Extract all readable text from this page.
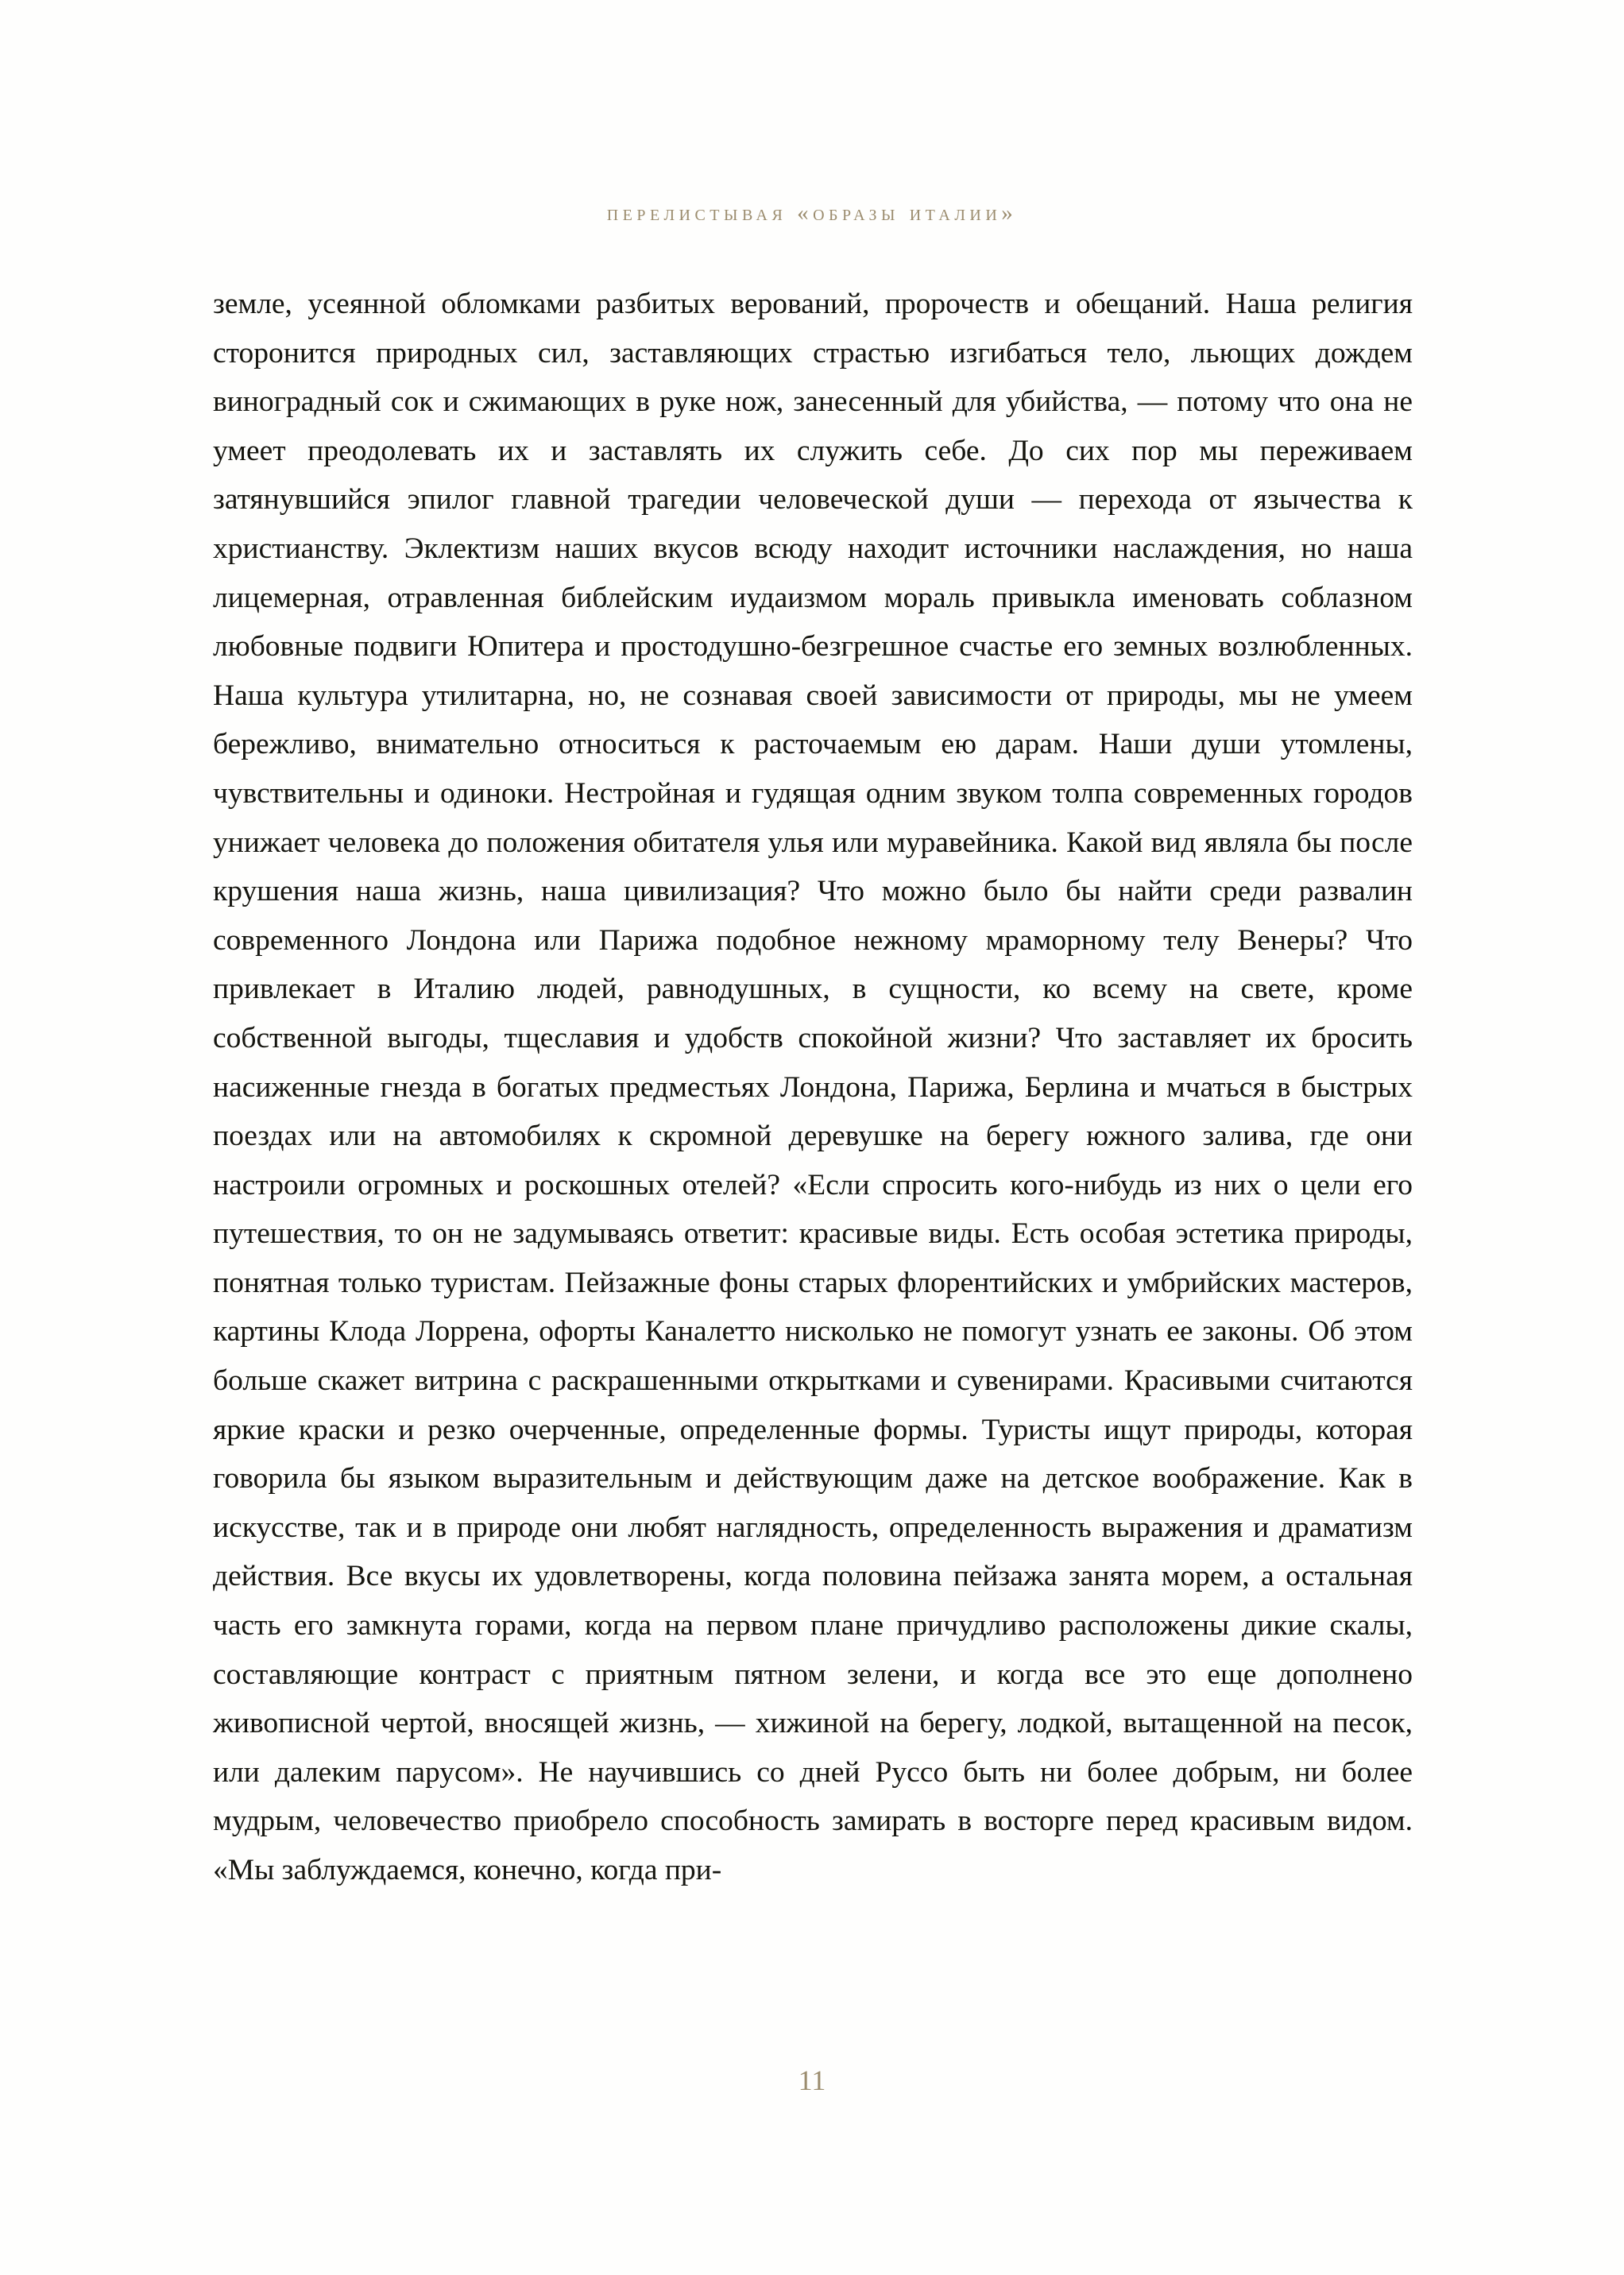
перелистывая «образы италии»

земле, усеянной обломками разбитых верований, пророчеств и обещаний. Наша религия сторонится природных сил, заставляющих страстью изгибаться тело, льющих дождем виноградный сок и сжимающих в руке нож, занесенный для убийства, — потому что она не умеет преодолевать их и заставлять их служить себе. До сих пор мы переживаем затянувшийся эпилог главной трагедии человеческой души — перехода от язычества к христианству. Эклектизм наших вкусов всюду находит источники наслаждения, но наша лицемерная, отравленная библейским иудаизмом мораль привыкла именовать соблазном любовные подвиги Юпитера и простодушно-безгрешное счастье его земных возлюбленных. Наша культура утилитарна, но, не сознавая своей зависимости от природы, мы не умеем бережливо, внимательно относиться к расточаемым ею дарам. Наши души утомлены, чувствительны и одиноки. Нестройная и гудящая одним звуком толпа современных городов унижает человека до положения обитателя улья или муравейника. Какой вид являла бы после крушения наша жизнь, наша цивилизация? Что можно было бы найти среди развалин современного Лондона или Парижа подобное нежному мраморному телу Венеры? Что привлекает в Италию людей, равнодушных, в сущности, ко всему на свете, кроме собственной выгоды, тщеславия и удобств спокойной жизни? Что заставляет их бросить насиженные гнезда в богатых предместьях Лондона, Парижа, Берлина и мчаться в быстрых поездах или на автомобилях к скромной деревушке на берегу южного залива, где они настроили огромных и роскошных отелей? «Если спросить кого-нибудь из них о цели его путешествия, то он не задумываясь ответит: красивые виды. Есть особая эстетика природы, понятная только туристам. Пейзажные фоны старых флорентийских и умбрийских мастеров, картины Клода Лоррена, офорты Каналетто нисколько не помогут узнать ее законы. Об этом больше скажет витрина с раскрашенными открытками и сувенирами. Красивыми считаются яркие краски и резко очерченные, определенные формы. Туристы ищут природы, которая говорила бы языком выразительным и действующим даже на детское воображение. Как в искусстве, так и в природе они любят наглядность, определенность выражения и драматизм действия. Все вкусы их удовлетворены, когда половина пейзажа занята морем, а остальная часть его замкнута горами, когда на первом плане причудливо расположены дикие скалы, составляющие контраст с приятным пятном зелени, и когда все это еще дополнено живописной чертой, вносящей жизнь, — хижиной на берегу, лодкой, вытащенной на песок, или далеким парусом». Не научившись со дней Руссо быть ни более добрым, ни более мудрым, человечество приобрело способность замирать в восторге перед красивым видом. «Мы заблуждаемся, конечно, когда при-

11
